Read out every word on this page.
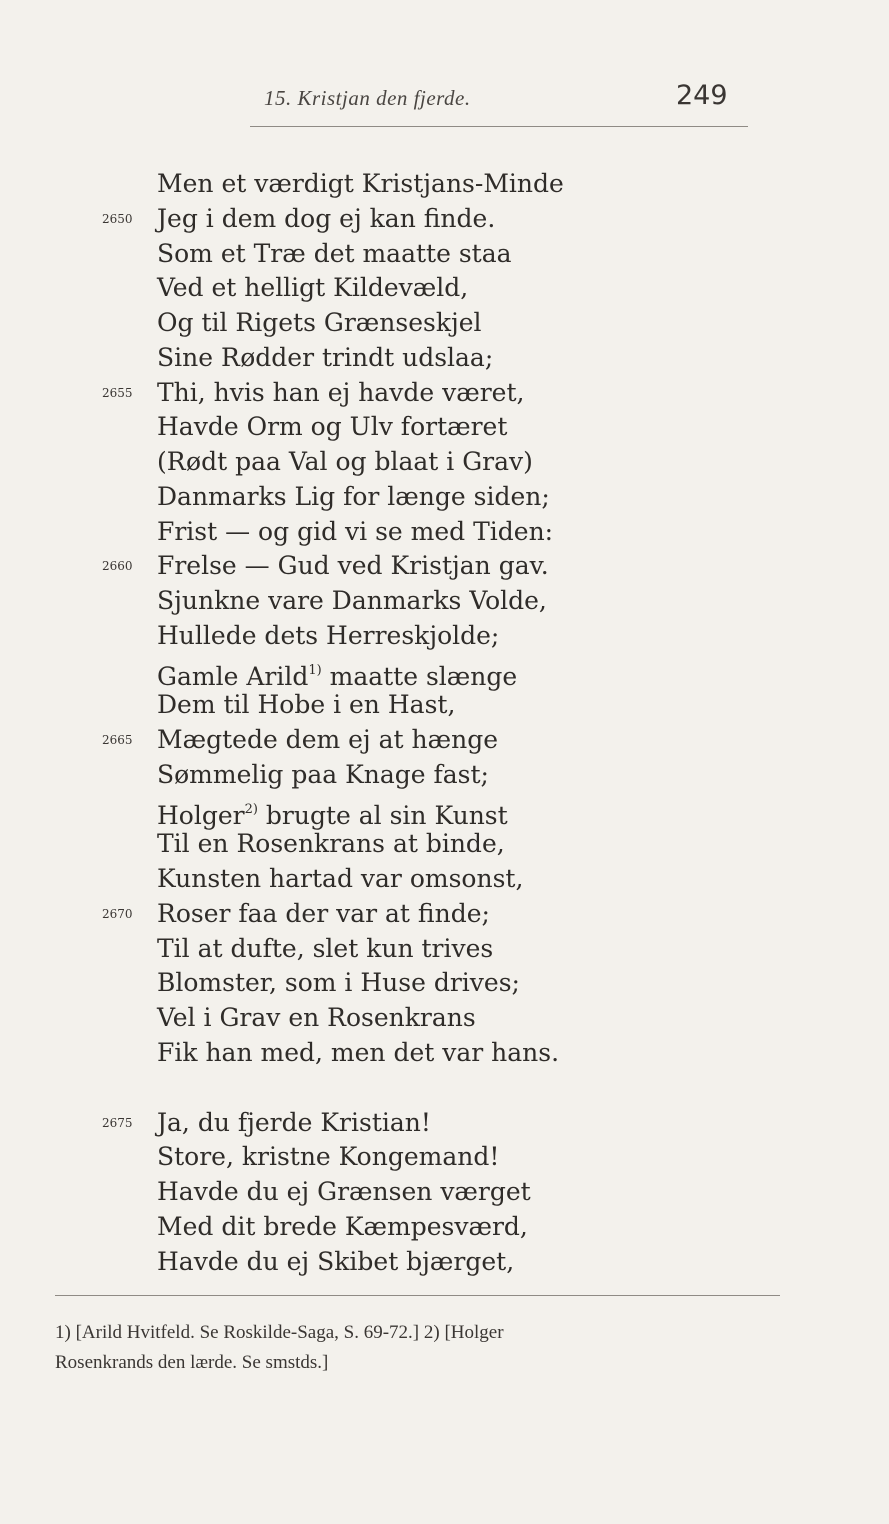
15. Kristjan den fjerde.	249
Men et værdigt Kristjans-Minde
2650 Jeg i dem dog ej kan finde.
Som et Træ det maatte staa
Ved et helligt Kildevæld,
Og til Rigets Grænseskjel
Sine Rødder trindt udslaa;
2655 Thi, hvis han ej havde været,
Havde Orm og Ulv fortæret
(Rødt paa Val og blaat i Grav)
Danmarks Lig for længe siden;
Frist — og gid vi se med Tiden:
2660 Frelse — Gud ved Kristjan gav.
Sjunkne vare Danmarks Volde,
Hullede dets Herreskjolde;
Gamle Arild$^{1)}$ maatte slænge
Dem til Hobe i en Hast,
2665 Mægtede dem ej at hænge
Sømmelig paa Knage fast;
Holger$^{2)}$ brugte al sin Kunst
Til en Rosenkrans at binde,
Kunsten hartad var omsonst,
2670 Roser faa der var at finde;
Til at dufte, slet kun trives
Blomster, som i Huse drives;
Vel i Grav en Rosenkrans
Fik han med, men det var hans.
2675 Ja, du fjerde Kristian!
Store, kristne Kongemand!
Havde du ej Grænsen værget
Med dit brede Kæmpesværd,
Havde du ej Skibet bjærget,
1) [Arild Hvitfeld. Se Roskilde-Saga, S. 69-72.] 2) [Holger
Rosenkrands den lærde. Se smstds.]
